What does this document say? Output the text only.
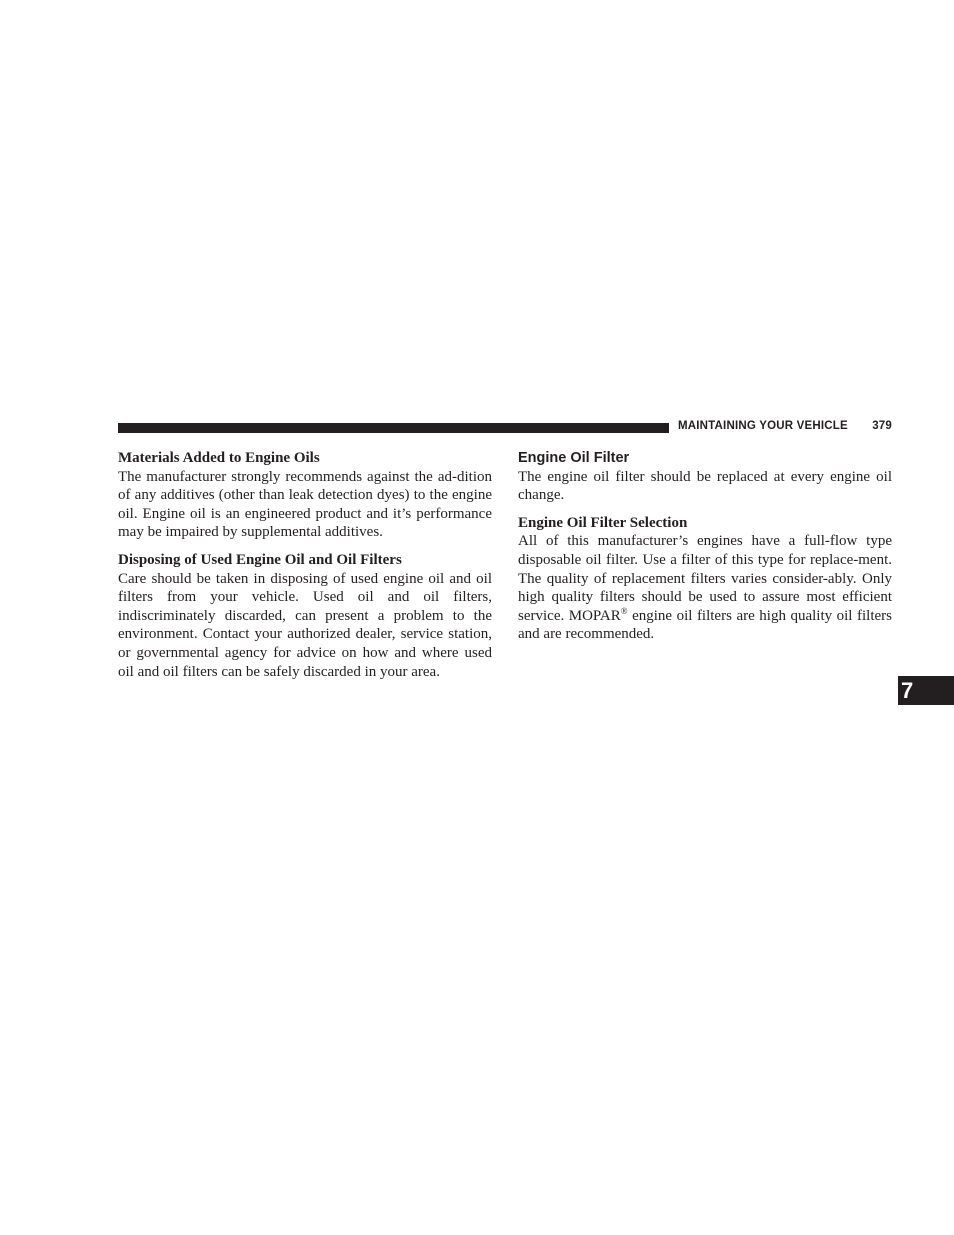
MAINTAINING YOUR VEHICLE 379

Materials Added to Engine Oils

The manufacturer strongly recommends against the ad-dition of any additives (other than leak detection dyes) to the engine oil. Engine oil is an engineered product and it’s performance may be impaired by supplemental additives.

Disposing of Used Engine Oil and Oil Filters

Care should be taken in disposing of used engine oil and oil filters from your vehicle. Used oil and oil filters, indiscriminately discarded, can present a problem to the environment. Contact your authorized dealer, service station, or governmental agency for advice on how and where used oil and oil filters can be safely discarded in your area.

Engine Oil Filter

The engine oil filter should be replaced at every engine oil change.

Engine Oil Filter Selection

All of this manufacturer’s engines have a full-flow type disposable oil filter. Use a filter of this type for replace-ment. The quality of replacement filters varies consider-ably. Only high quality filters should be used to assure most efficient service. MOPAR® engine oil filters are high quality oil filters and are recommended.

7
